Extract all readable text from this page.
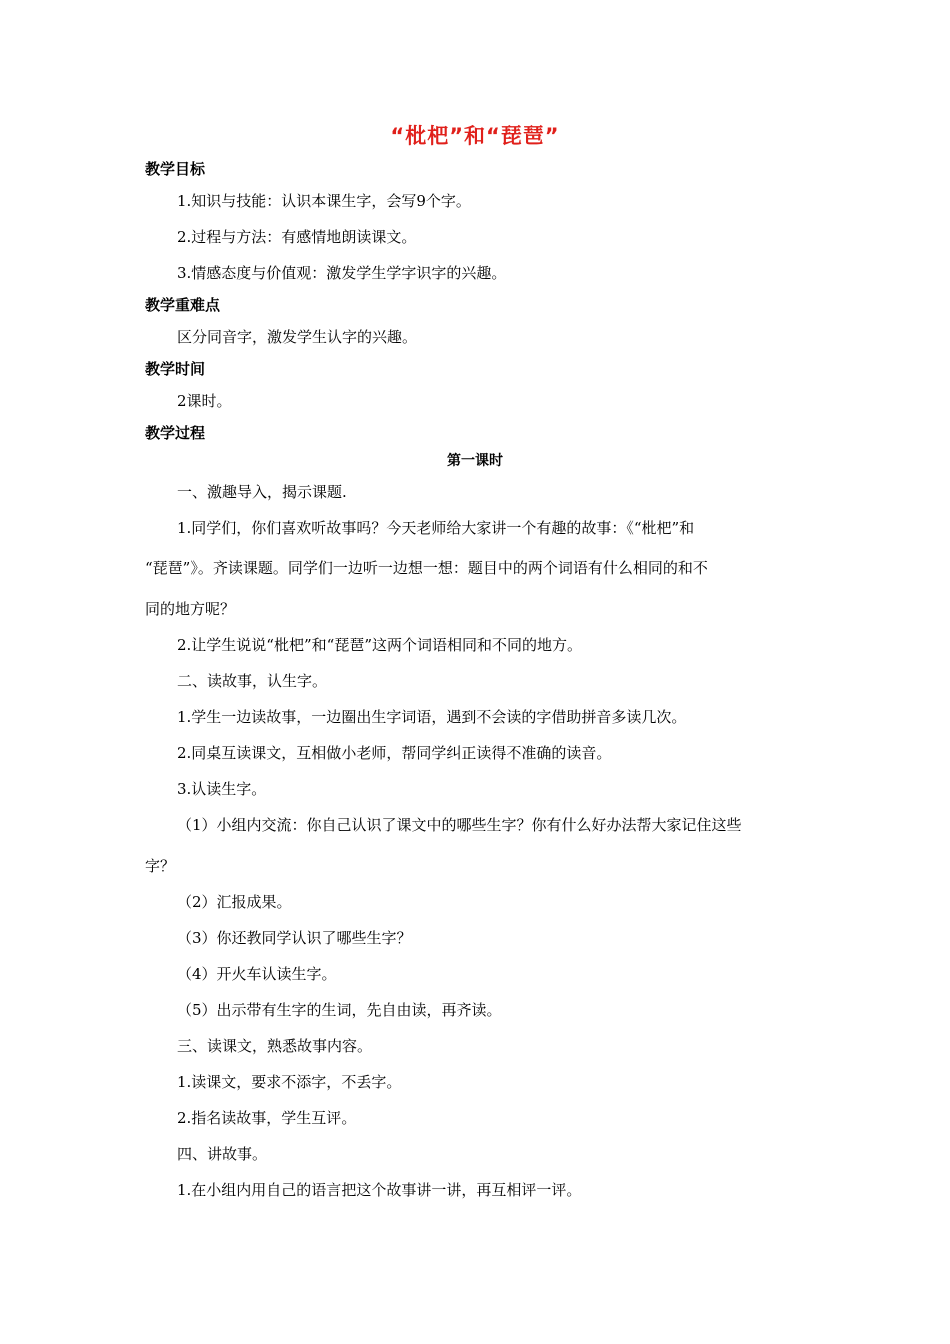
“枇杷”和“琵琶”
教学目标
1.知识与技能：认识本课生字，会写9个字。
2.过程与方法：有感情地朗读课文。
3.情感态度与价值观：激发学生学字识字的兴趣。
教学重难点
区分同音字，激发学生认字的兴趣。
教学时间
2课时。
教学过程
第一课时
一、激趣导入，揭示课题.
1.同学们，你们喜欢听故事吗？今天老师给大家讲一个有趣的故事：《“枇杷”和
“琵琶”》。齐读课题。同学们一边听一边想一想：题目中的两个词语有什么相同的和不
同的地方呢？
2.让学生说说“枇杷”和“琵琶”这两个词语相同和不同的地方。
二、读故事，认生字。
1.学生一边读故事，一边圈出生字词语，遇到不会读的字借助拼音多读几次。
2.同桌互读课文，互相做小老师，帮同学纠正读得不准确的读音。
3.认读生字。
（1）小组内交流：你自己认识了课文中的哪些生字？你有什么好办法帮大家记住这些
字？
（2）汇报成果。
（3）你还教同学认识了哪些生字？
（4）开火车认读生字。
（5）出示带有生字的生词，先自由读，再齐读。
三、读课文，熟悉故事内容。
1.读课文，要求不添字，不丢字。
2.指名读故事，学生互评。
四、讲故事。
1.在小组内用自己的语言把这个故事讲一讲，再互相评一评。
